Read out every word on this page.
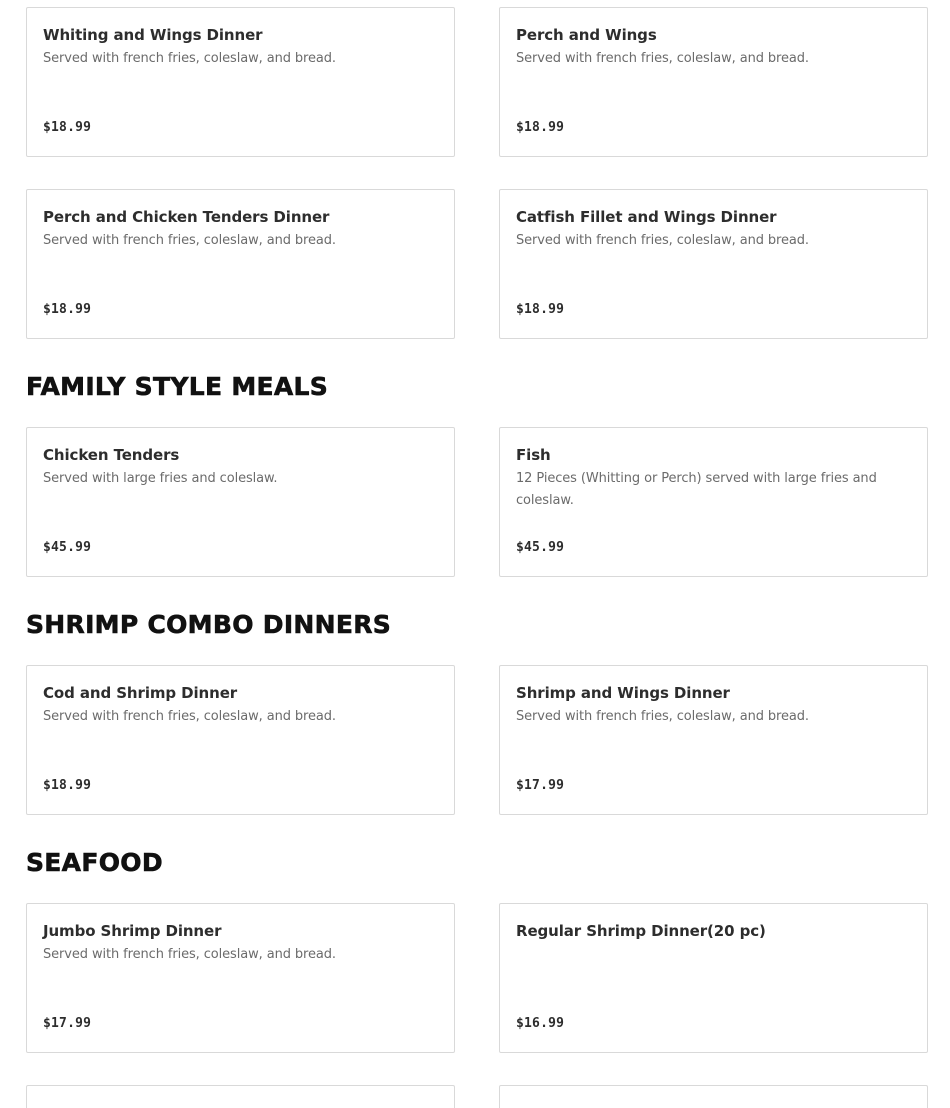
Whiting and Wings Dinner
Served with french fries, coleslaw, and bread.
$18.99
Perch and Wings
Served with french fries, coleslaw, and bread.
$18.99
Perch and Chicken Tenders Dinner
Served with french fries, coleslaw, and bread.
$18.99
Catfish Fillet and Wings Dinner
Served with french fries, coleslaw, and bread.
$18.99
FAMILY STYLE MEALS
Chicken Tenders
Served with large fries and coleslaw.
$45.99
Fish
12 Pieces (Whitting or Perch) served with large fries and coleslaw.
$45.99
SHRIMP COMBO DINNERS
Cod and Shrimp Dinner
Served with french fries, coleslaw, and bread.
$18.99
Shrimp and Wings Dinner
Served with french fries, coleslaw, and bread.
$17.99
SEAFOOD
Jumbo Shrimp Dinner
Served with french fries, coleslaw, and bread.
$17.99
Regular Shrimp Dinner(20 pc)
$16.99
